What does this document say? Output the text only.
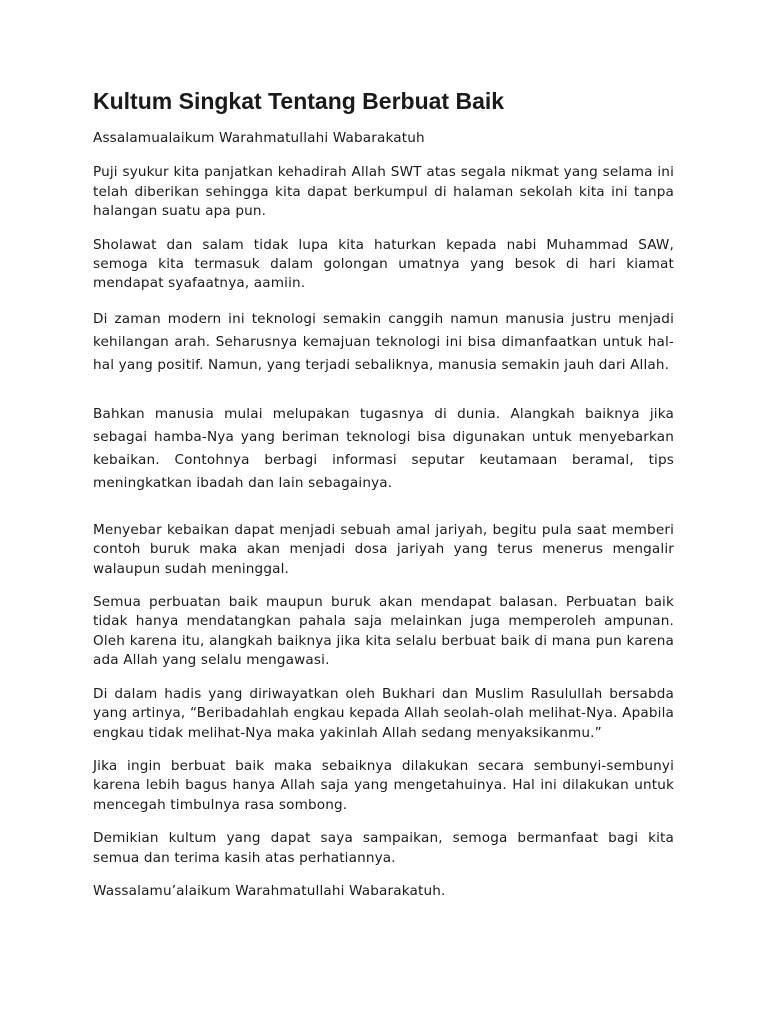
Kultum Singkat Tentang Berbuat Baik

Assalamualaikum Warahmatullahi Wabarakatuh

Puji syukur kita panjatkan kehadirah Allah SWT atas segala nikmat yang selama ini telah diberikan sehingga kita dapat berkumpul di halaman sekolah kita ini tanpa halangan suatu apa pun.

Sholawat dan salam tidak lupa kita haturkan kepada nabi Muhammad SAW, semoga kita termasuk dalam golongan umatnya yang besok di hari kiamat mendapat syafaatnya, aamiin.

Di zaman modern ini teknologi semakin canggih namun manusia justru menjadi kehilangan arah. Seharusnya kemajuan teknologi ini bisa dimanfaatkan untuk hal-hal yang positif. Namun, yang terjadi sebaliknya, manusia semakin jauh dari Allah.

Bahkan manusia mulai melupakan tugasnya di dunia. Alangkah baiknya jika sebagai hamba-Nya yang beriman teknologi bisa digunakan untuk menyebarkan kebaikan. Contohnya berbagi informasi seputar keutamaan beramal, tips meningkatkan ibadah dan lain sebagainya.

Menyebar kebaikan dapat menjadi sebuah amal jariyah, begitu pula saat memberi contoh buruk maka akan menjadi dosa jariyah yang terus menerus mengalir walaupun sudah meninggal.

Semua perbuatan baik maupun buruk akan mendapat balasan. Perbuatan baik tidak hanya mendatangkan pahala saja melainkan juga memperoleh ampunan. Oleh karena itu, alangkah baiknya jika kita selalu berbuat baik di mana pun karena ada Allah yang selalu mengawasi.

Di dalam hadis yang diriwayatkan oleh Bukhari dan Muslim Rasulullah bersabda yang artinya, “Beribadahlah engkau kepada Allah seolah-olah melihat-Nya. Apabila engkau tidak melihat-Nya maka yakinlah Allah sedang menyaksikanmu.”

Jika ingin berbuat baik maka sebaiknya dilakukan secara sembunyi-sembunyi karena lebih bagus hanya Allah saja yang mengetahuinya. Hal ini dilakukan untuk mencegah timbulnya rasa sombong.

Demikian kultum yang dapat saya sampaikan, semoga bermanfaat bagi kita semua dan terima kasih atas perhatiannya.

Wassalamu’alaikum Warahmatullahi Wabarakatuh.
